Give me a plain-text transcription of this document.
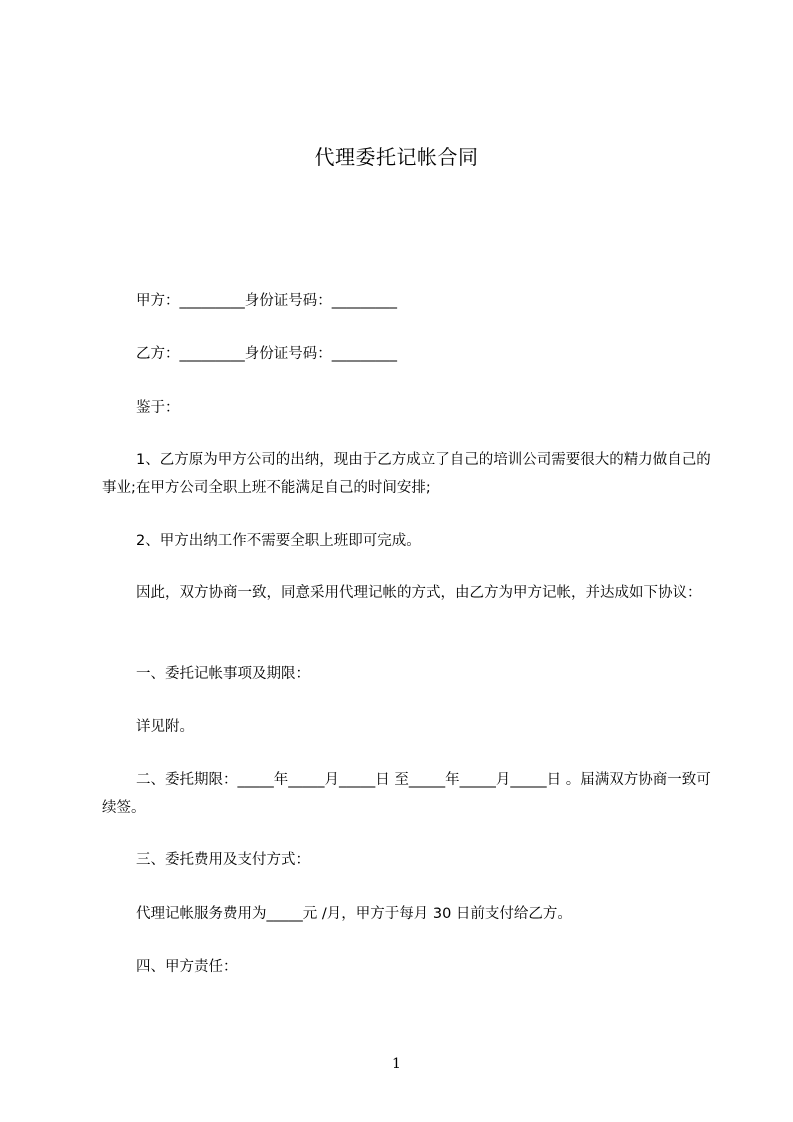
代理委托记帐合同
甲方：_________身份证号码：_________
乙方：_________身份证号码：_________
鉴于：
1、乙方原为甲方公司的出纳，现由于乙方成立了自己的培训公司需要很大的精力做自己的事业;在甲方公司全职上班不能满足自己的时间安排;
2、甲方出纳工作不需要全职上班即可完成。
因此，双方协商一致，同意采用代理记帐的方式，由乙方为甲方记帐，并达成如下协议：
一、委托记帐事项及期限：
详见附。
二、委托期限：_____年_____月_____日 至_____年_____月_____日 。届满双方协商一致可续签。
三、委托费用及支付方式：
代理记帐服务费用为_____元 /月，甲方于每月 30 日前支付给乙方。
四、甲方责任：
1
